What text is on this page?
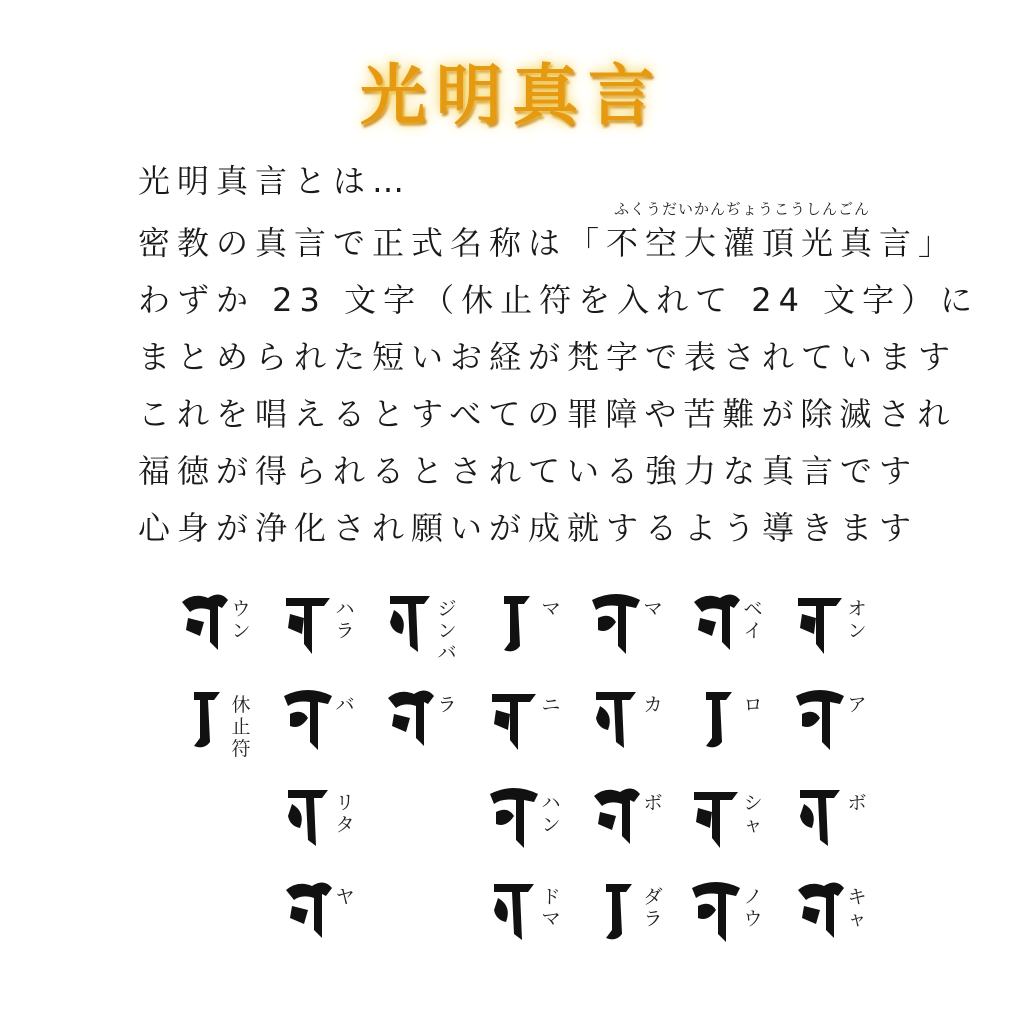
光明真言
ふくうだいかんぢょうこうしんごん
光明真言とは…
密教の真言で正式名称は「不空大灌頂光真言」
わずか 23 文字（休止符を入れて 24 文字）に
まとめられた短いお経が梵字で表されています
これを唱えるとすべての罪障や苦難が除滅され
福徳が得られるとされている強力な真言です
心身が浄化され願いが成就するよう導きます
オ
ン
ア
ボ
キ
ャ
ベ
イ
ロ
シ
ャ
ノ
ウ
マ
カ
ボ
ダ
ラ
マ
ニ
ハ
ン
ド
マ
ジ
ン
バ
ラ
ハ
ラ
バ
リ
タ
ヤ
ウ
ン
休
止
符
